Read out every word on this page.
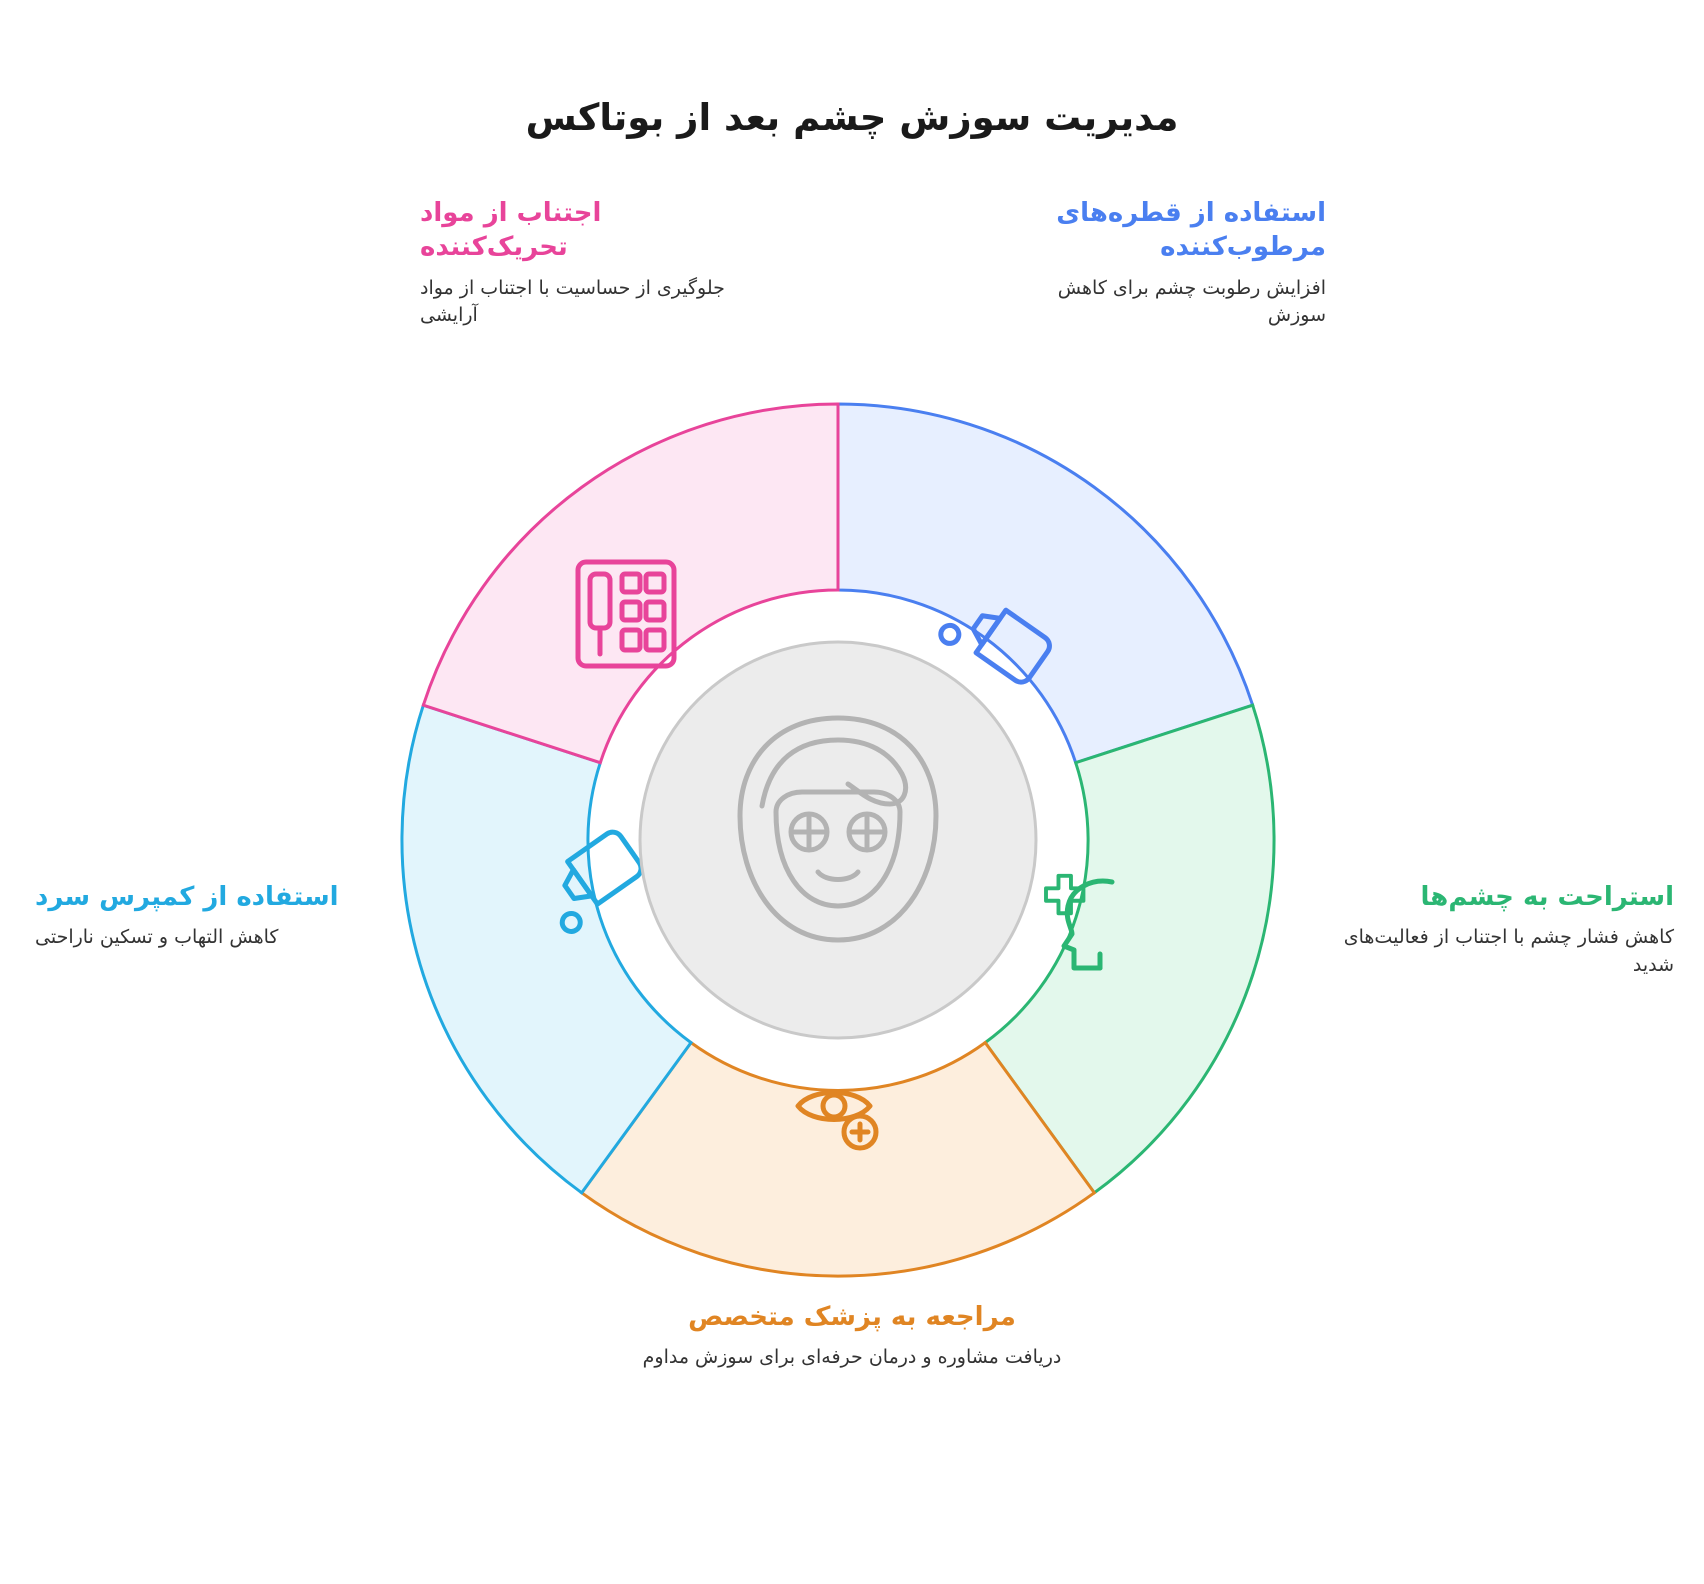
مدیریت سوزش چشم بعد از بوتاکس
استفاده از قطره‌های مرطوب‌کننده
افزایش رطوبت چشم برای کاهش سوزش
اجتناب از مواد تحریک‌کننده
جلوگیری از حساسیت با اجتناب از مواد آرایشی
استراحت به چشم‌ها
کاهش فشار چشم با اجتناب از فعالیت‌های شدید
استفاده از کمپرس سرد
کاهش التهاب و تسکین ناراحتی
مراجعه به پزشک متخصص
دریافت مشاوره و درمان حرفه‌ای برای سوزش مداوم
